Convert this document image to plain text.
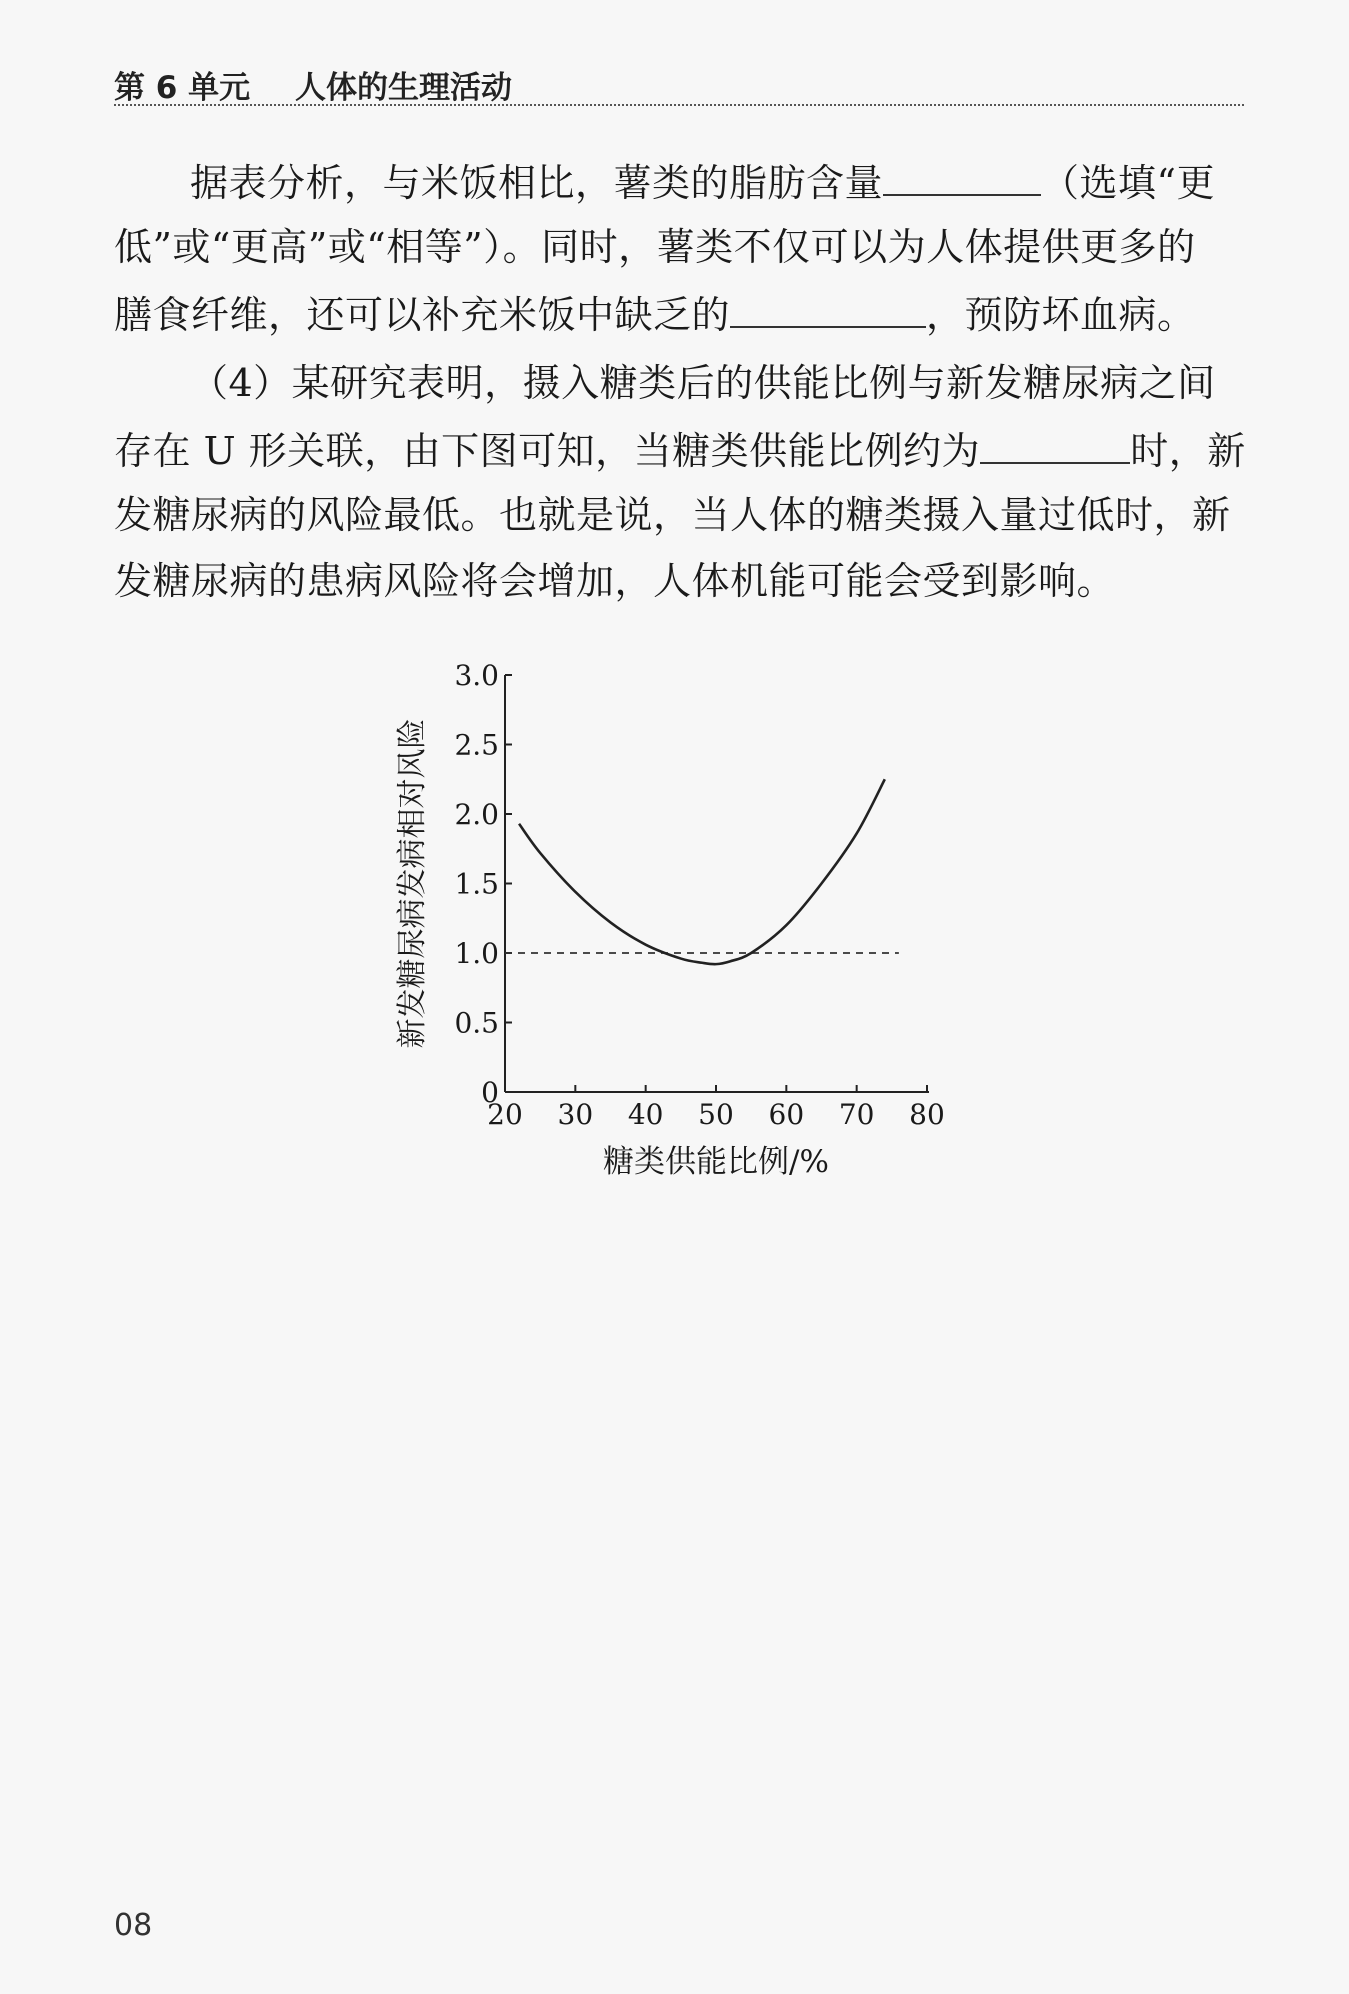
第 6 单元 人体的生理活动
据表分析，与米饭相比，薯类的脂肪含量	（选填“更
低”或“更高”或“相等”）。同时，薯类不仅可以为人体提供更多的
膳食纤维，还可以补充米饭中缺乏的	，预防坏血病。
（4）某研究表明，摄入糖类后的供能比例与新发糖尿病之间
存在 U 形关联，由下图可知，当糖类供能比例约为	时，新
发糖尿病的风险最低。也就是说，当人体的糖类摄入量过低时，新
发糖尿病的患病风险将会增加，人体机能可能会受到影响。
0
0.5
1.0
1.5
2.0
2.5
3.0
20 30 40 50 60 70 80
糖类供能比例/%
新发糖尿病发病相对风险
08
